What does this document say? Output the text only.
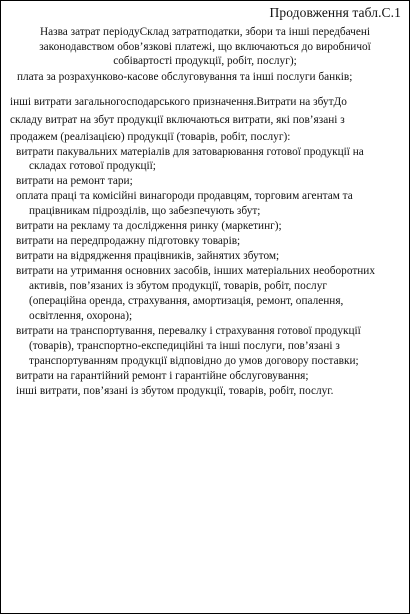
Продовження табл.С.1
Назва затрат періодуСклад затратподатки, збори та інші передбачені
законодавством обов’язкові платежі, що включаються до виробничої
собівартості продукції, робіт, послуг);
плата за розрахунково-касове обслуговування та інші послуги банків;
інші витрати загальногосподарського призначення.Витрати на збутДо
складу витрат на збут продукції включаються витрати, які пов’язані з
продажем (реалізацією) продукції (товарів, робіт, послуг):
витрати пакувальних матеріалів для затоварювання готової продукції на
складах готової продукції;
витрати на ремонт тари;
оплата праці та комісійні винагороди продавцям, торговим агентам та
працівникам підрозділів, що забезпечують збут;
витрати на рекламу та дослідження ринку (маркетинг);
витрати на передпродажну підготовку товарів;
витрати на відрядження працівників, зайнятих збутом;
витрати на утримання основних засобів, інших матеріальних необоротних
активів, пов’язаних із збутом продукції, товарів, робіт, послуг
(операційна оренда, страхування, амортизація, ремонт, опалення,
освітлення, охорона);
витрати на транспортування, перевалку і страхування готової продукції
(товарів), транспортно-експедиційні та інші послуги, пов’язані з
транспортуванням продукції відповідно до умов договору поставки;
витрати на гарантійний ремонт і гарантійне обслуговування;
інші витрати, пов’язані із збутом продукції, товарів, робіт, послуг.
